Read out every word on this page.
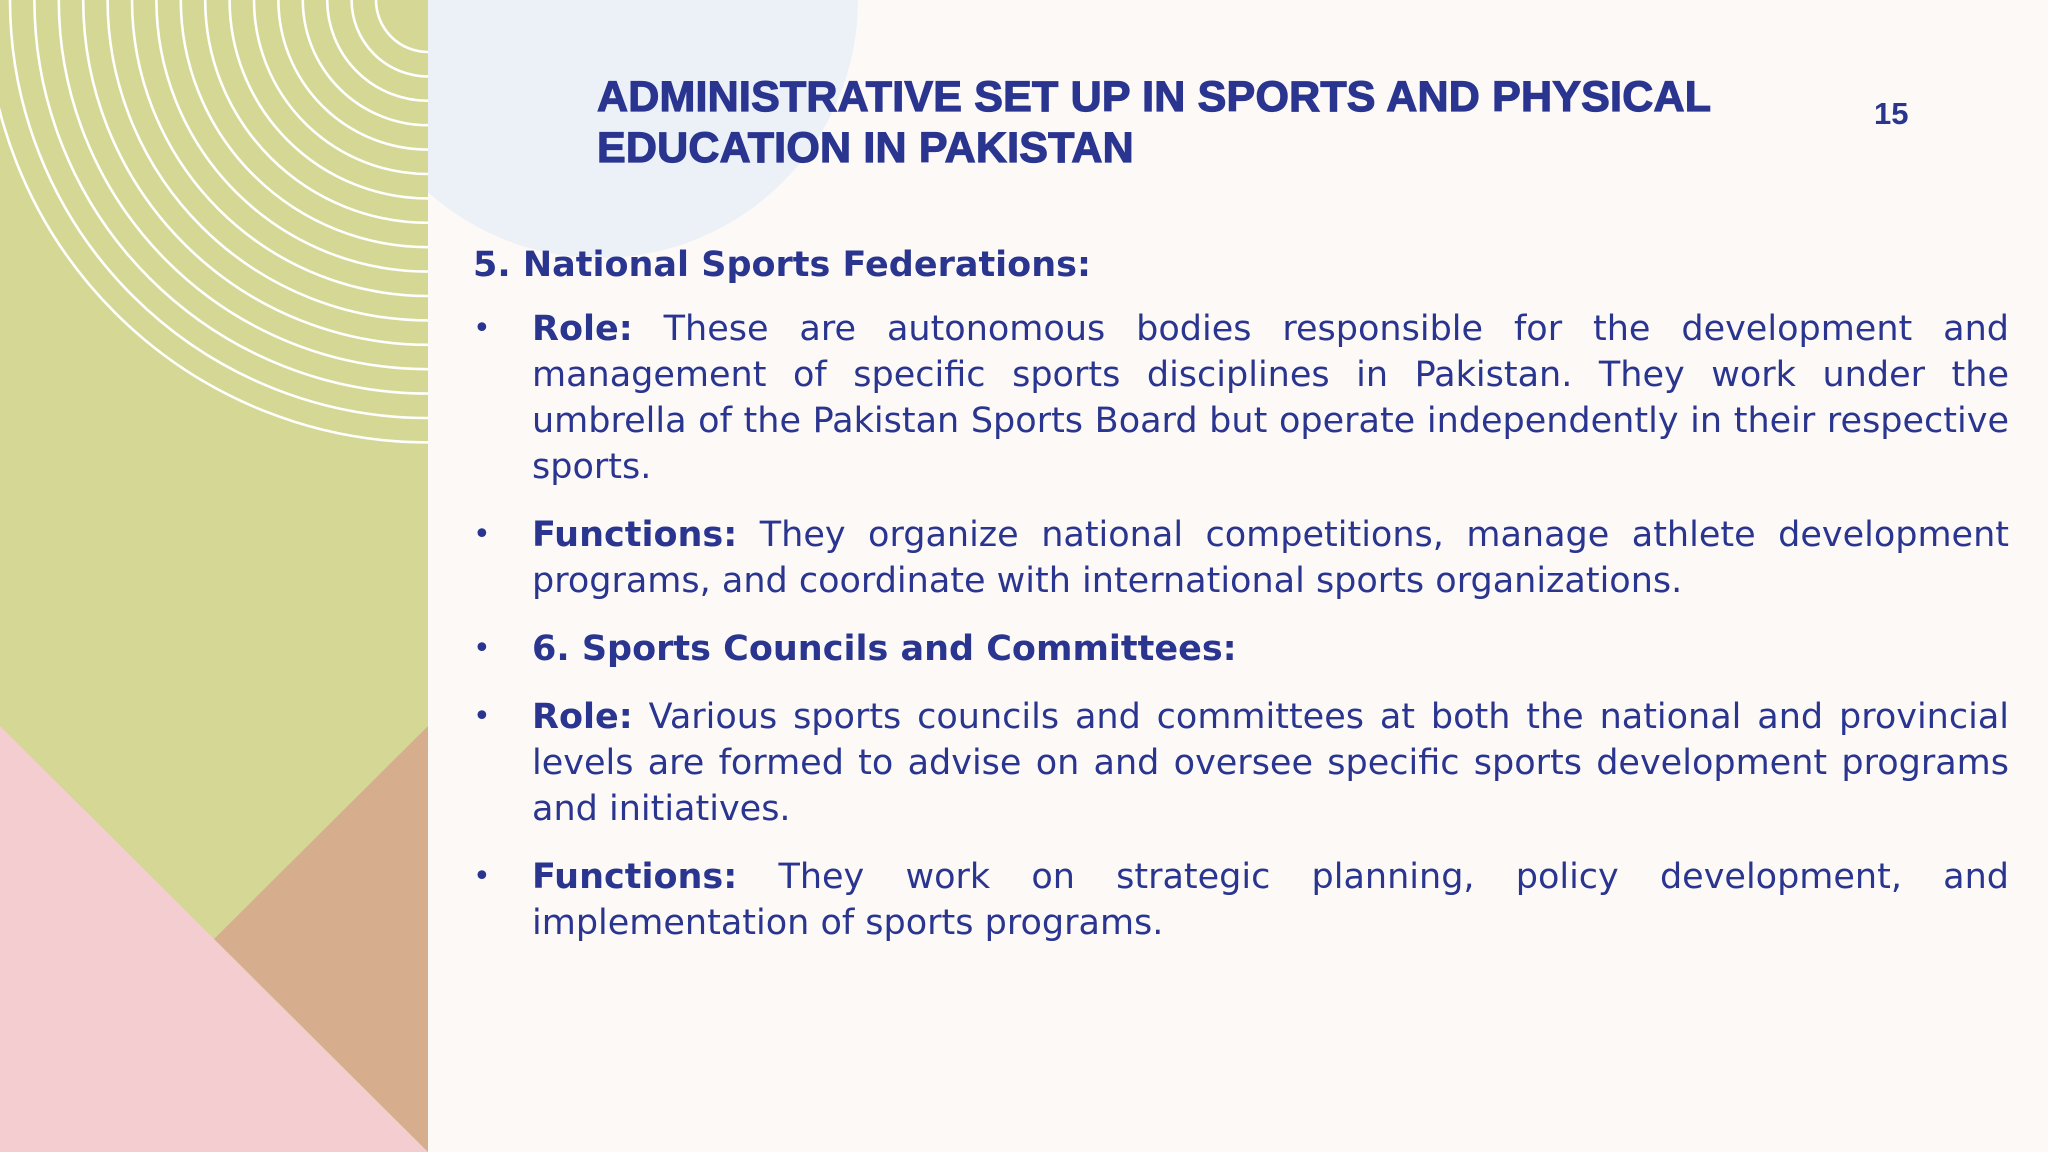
ADMINISTRATIVE SET UP IN SPORTS AND PHYSICAL
EDUCATION IN PAKISTAN
15
5. National Sports Federations:
• Role: These are autonomous bodies responsible for the development and management of specific sports disciplines in Pakistan. They work under the umbrella of the Pakistan Sports Board but operate independently in their respective sports.
• Functions: They organize national competitions, manage athlete development programs, and coordinate with international sports organizations.
• 6. Sports Councils and Committees:
• Role: Various sports councils and committees at both the national and provincial levels are formed to advise on and oversee specific sports development programs and initiatives.
• Functions: They work on strategic planning, policy development, and implementation of sports programs.
